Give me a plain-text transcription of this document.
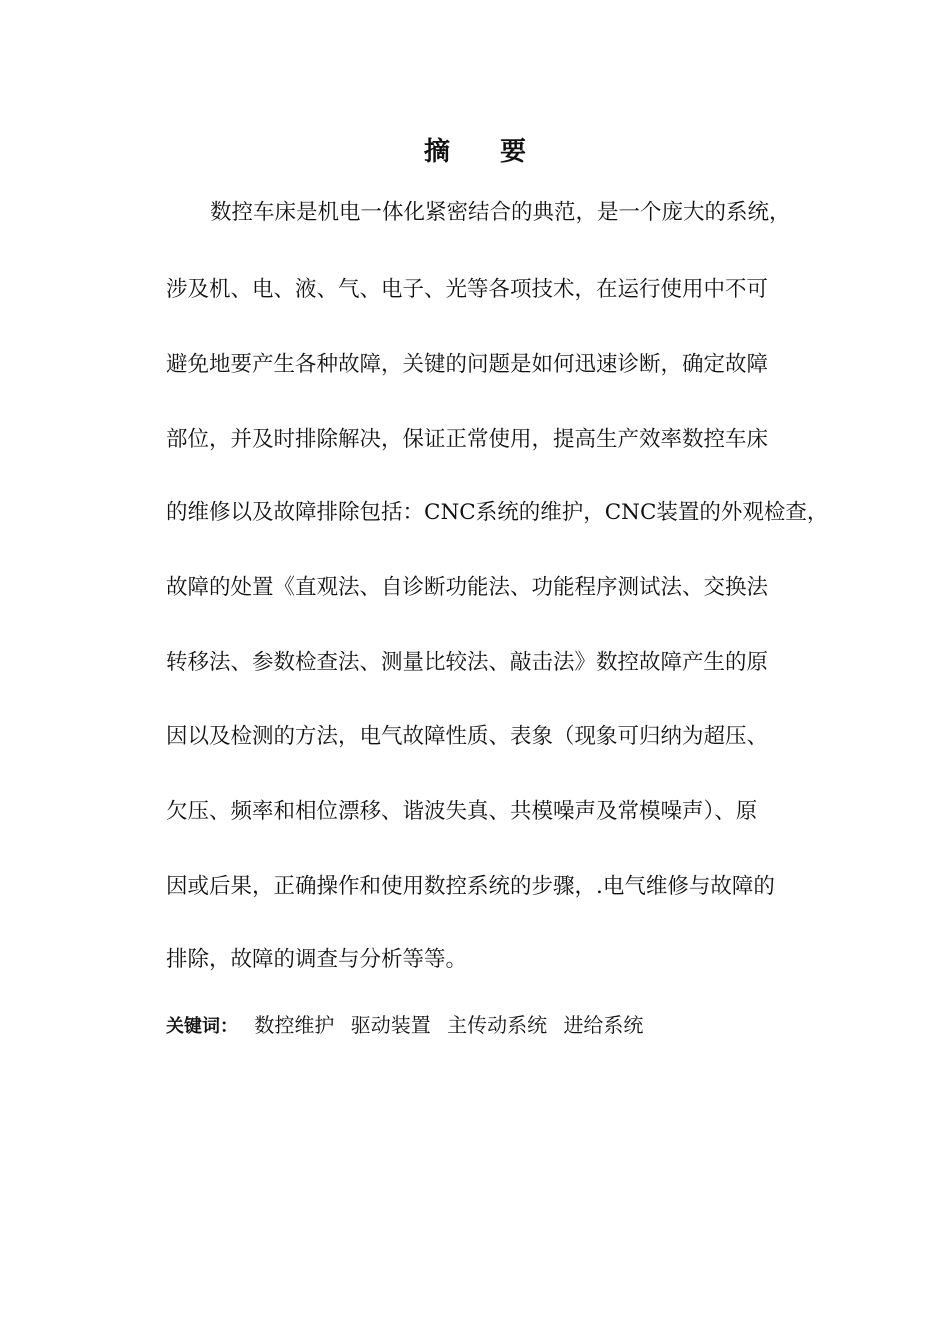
摘 要
数控车床是机电一体化紧密结合的典范，是一个庞大的系统，
涉及机、电、液、气、电子、光等各项技术，在运行使用中不可
避免地要产生各种故障，关键的问题是如何迅速诊断，确定故障
部位，并及时排除解决，保证正常使用，提高生产效率数控车床
的维修以及故障排除包括：CNC系统的维护，CNC装置的外观检查，
故障的处置《直观法、自诊断功能法、功能程序测试法、交换法
转移法、参数检查法、测量比较法、敲击法》数控故障产生的原
因以及检测的方法，电气故障性质、表象（现象可归纳为超压、
欠压、频率和相位漂移、谐波失真、共模噪声及常模噪声）、原
因或后果，正确操作和使用数控系统的步骤，.电气维修与故障的
排除，故障的调查与分析等等。
关键词： 数控维护 驱动装置 主传动系统 进给系统
